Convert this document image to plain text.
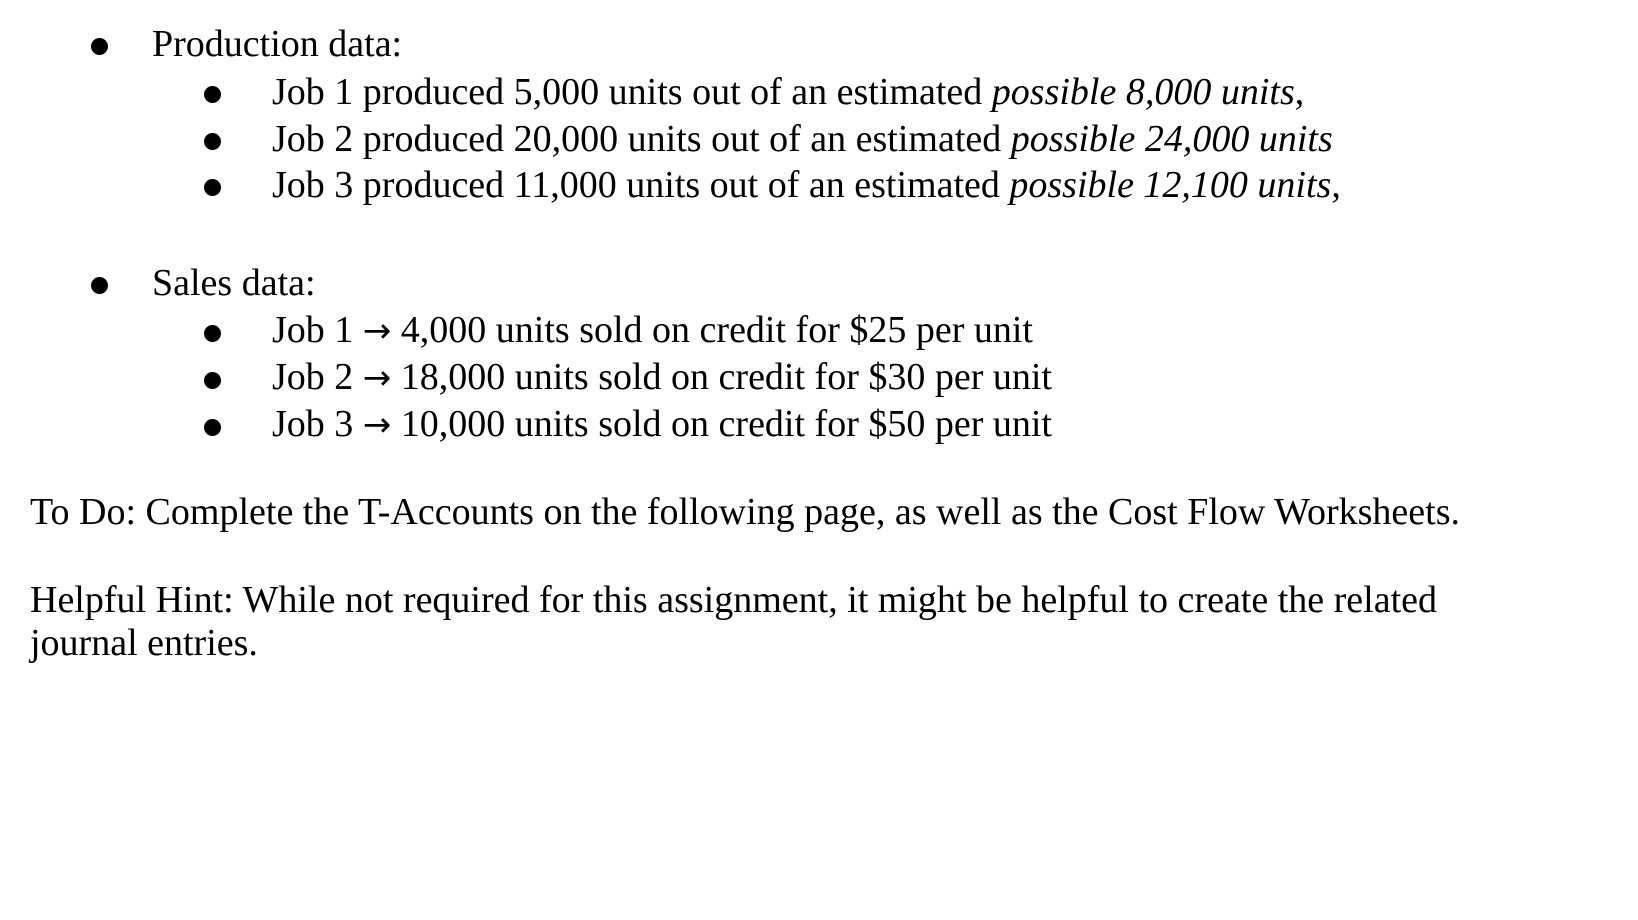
Production data:
Job 1 produced 5,000 units out of an estimated possible 8,000 units,
Job 2 produced 20,000 units out of an estimated possible 24,000 units
Job 3 produced 11,000 units out of an estimated possible 12,100 units,
Sales data:
Job 1 → 4,000 units sold on credit for $25 per unit
Job 2 → 18,000 units sold on credit for $30 per unit
Job 3 → 10,000 units sold on credit for $50 per unit
To Do: Complete the T-Accounts on the following page, as well as the Cost Flow Worksheets.
Helpful Hint: While not required for this assignment, it might be helpful to create the related
journal entries.
